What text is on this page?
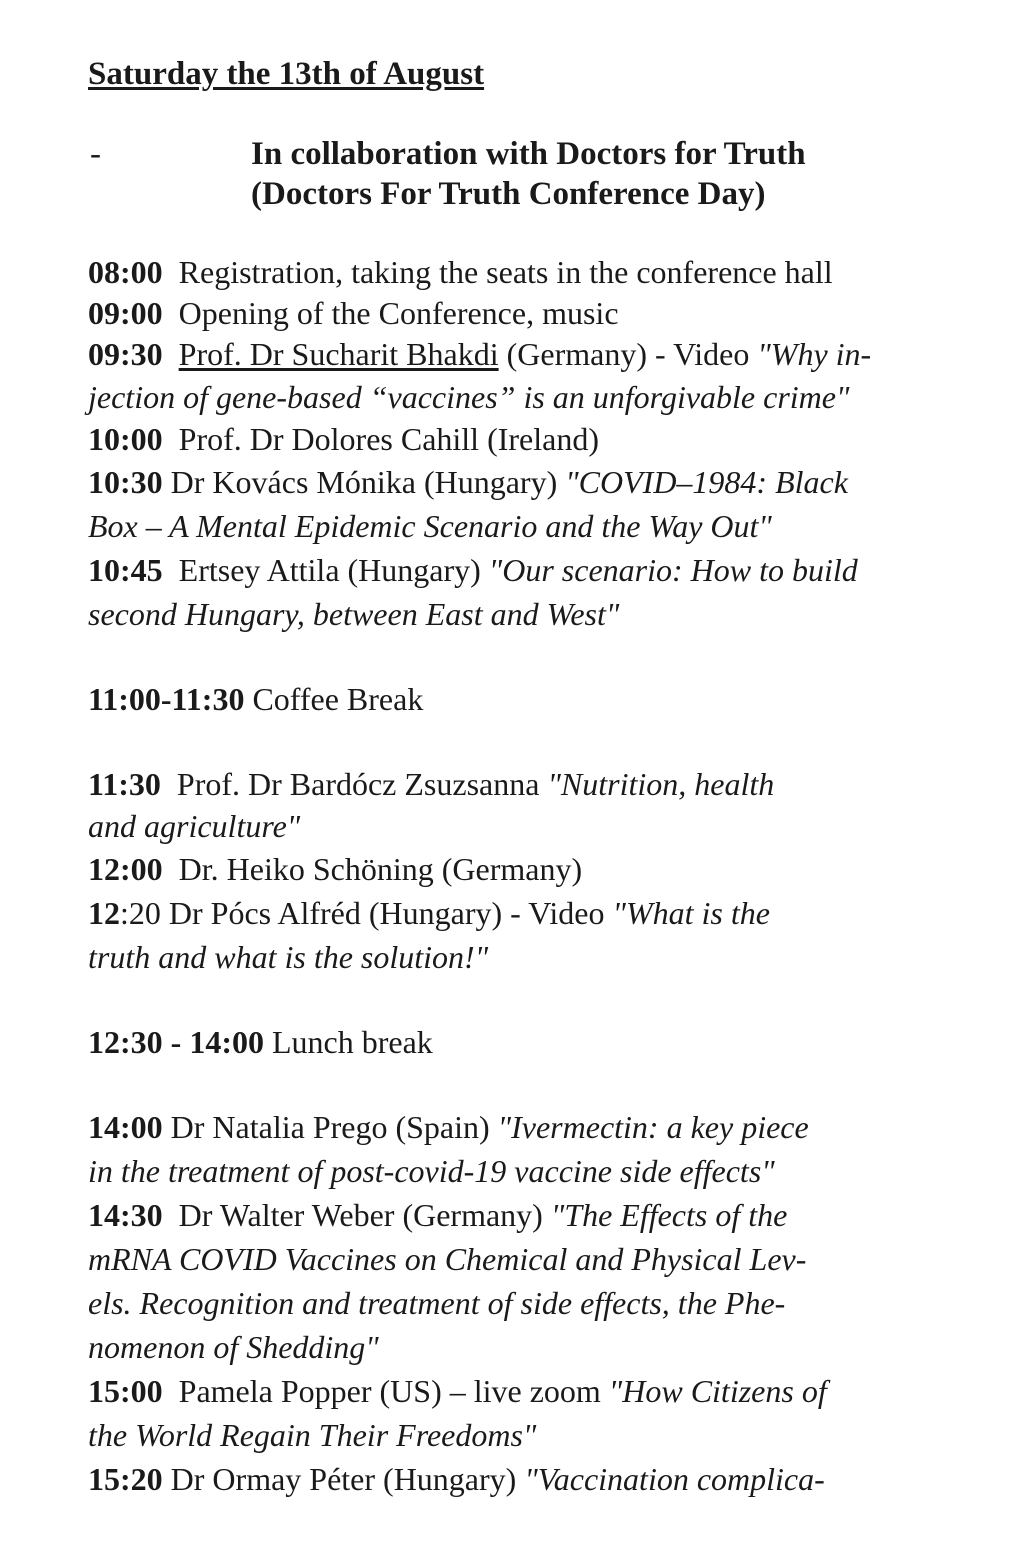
Saturday the 13th of August
-	In collaboration with Doctors for Truth
(Doctors For Truth Conference Day)
08:00 Registration, taking the seats in the conference hall
09:00 Opening of the Conference, music
09:30 Prof. Dr Sucharit Bhakdi (Germany) - Video "Why in-
jection of gene-based “vaccines” is an unforgivable crime"
10:00 Prof. Dr Dolores Cahill (Ireland)
10:30 Dr Kovács Mónika (Hungary) "COVID–1984: Black
Box – A Mental Epidemic Scenario and the Way Out"
10:45 Ertsey Attila (Hungary) "Our scenario: How to build
second Hungary, between East and West"
11:00-11:30 Coffee Break
11:30 Prof. Dr Bardócz Zsuzsanna "Nutrition, health
and agriculture"
12:00 Dr. Heiko Schöning (Germany)
12:20 Dr Pócs Alfréd (Hungary) - Video "What is the
truth and what is the solution!"
12:30 - 14:00 Lunch break
14:00 Dr Natalia Prego (Spain) "Ivermectin: a key piece
in the treatment of post-covid-19 vaccine side effects"
14:30 Dr Walter Weber (Germany) "The Effects of the
mRNA COVID Vaccines on Chemical and Physical Lev-
els. Recognition and treatment of side effects, the Phe-
nomenon of Shedding"
15:00 Pamela Popper (US) – live zoom "How Citizens of
the World Regain Their Freedoms"
15:20 Dr Ormay Péter (Hungary) "Vaccination complica-
